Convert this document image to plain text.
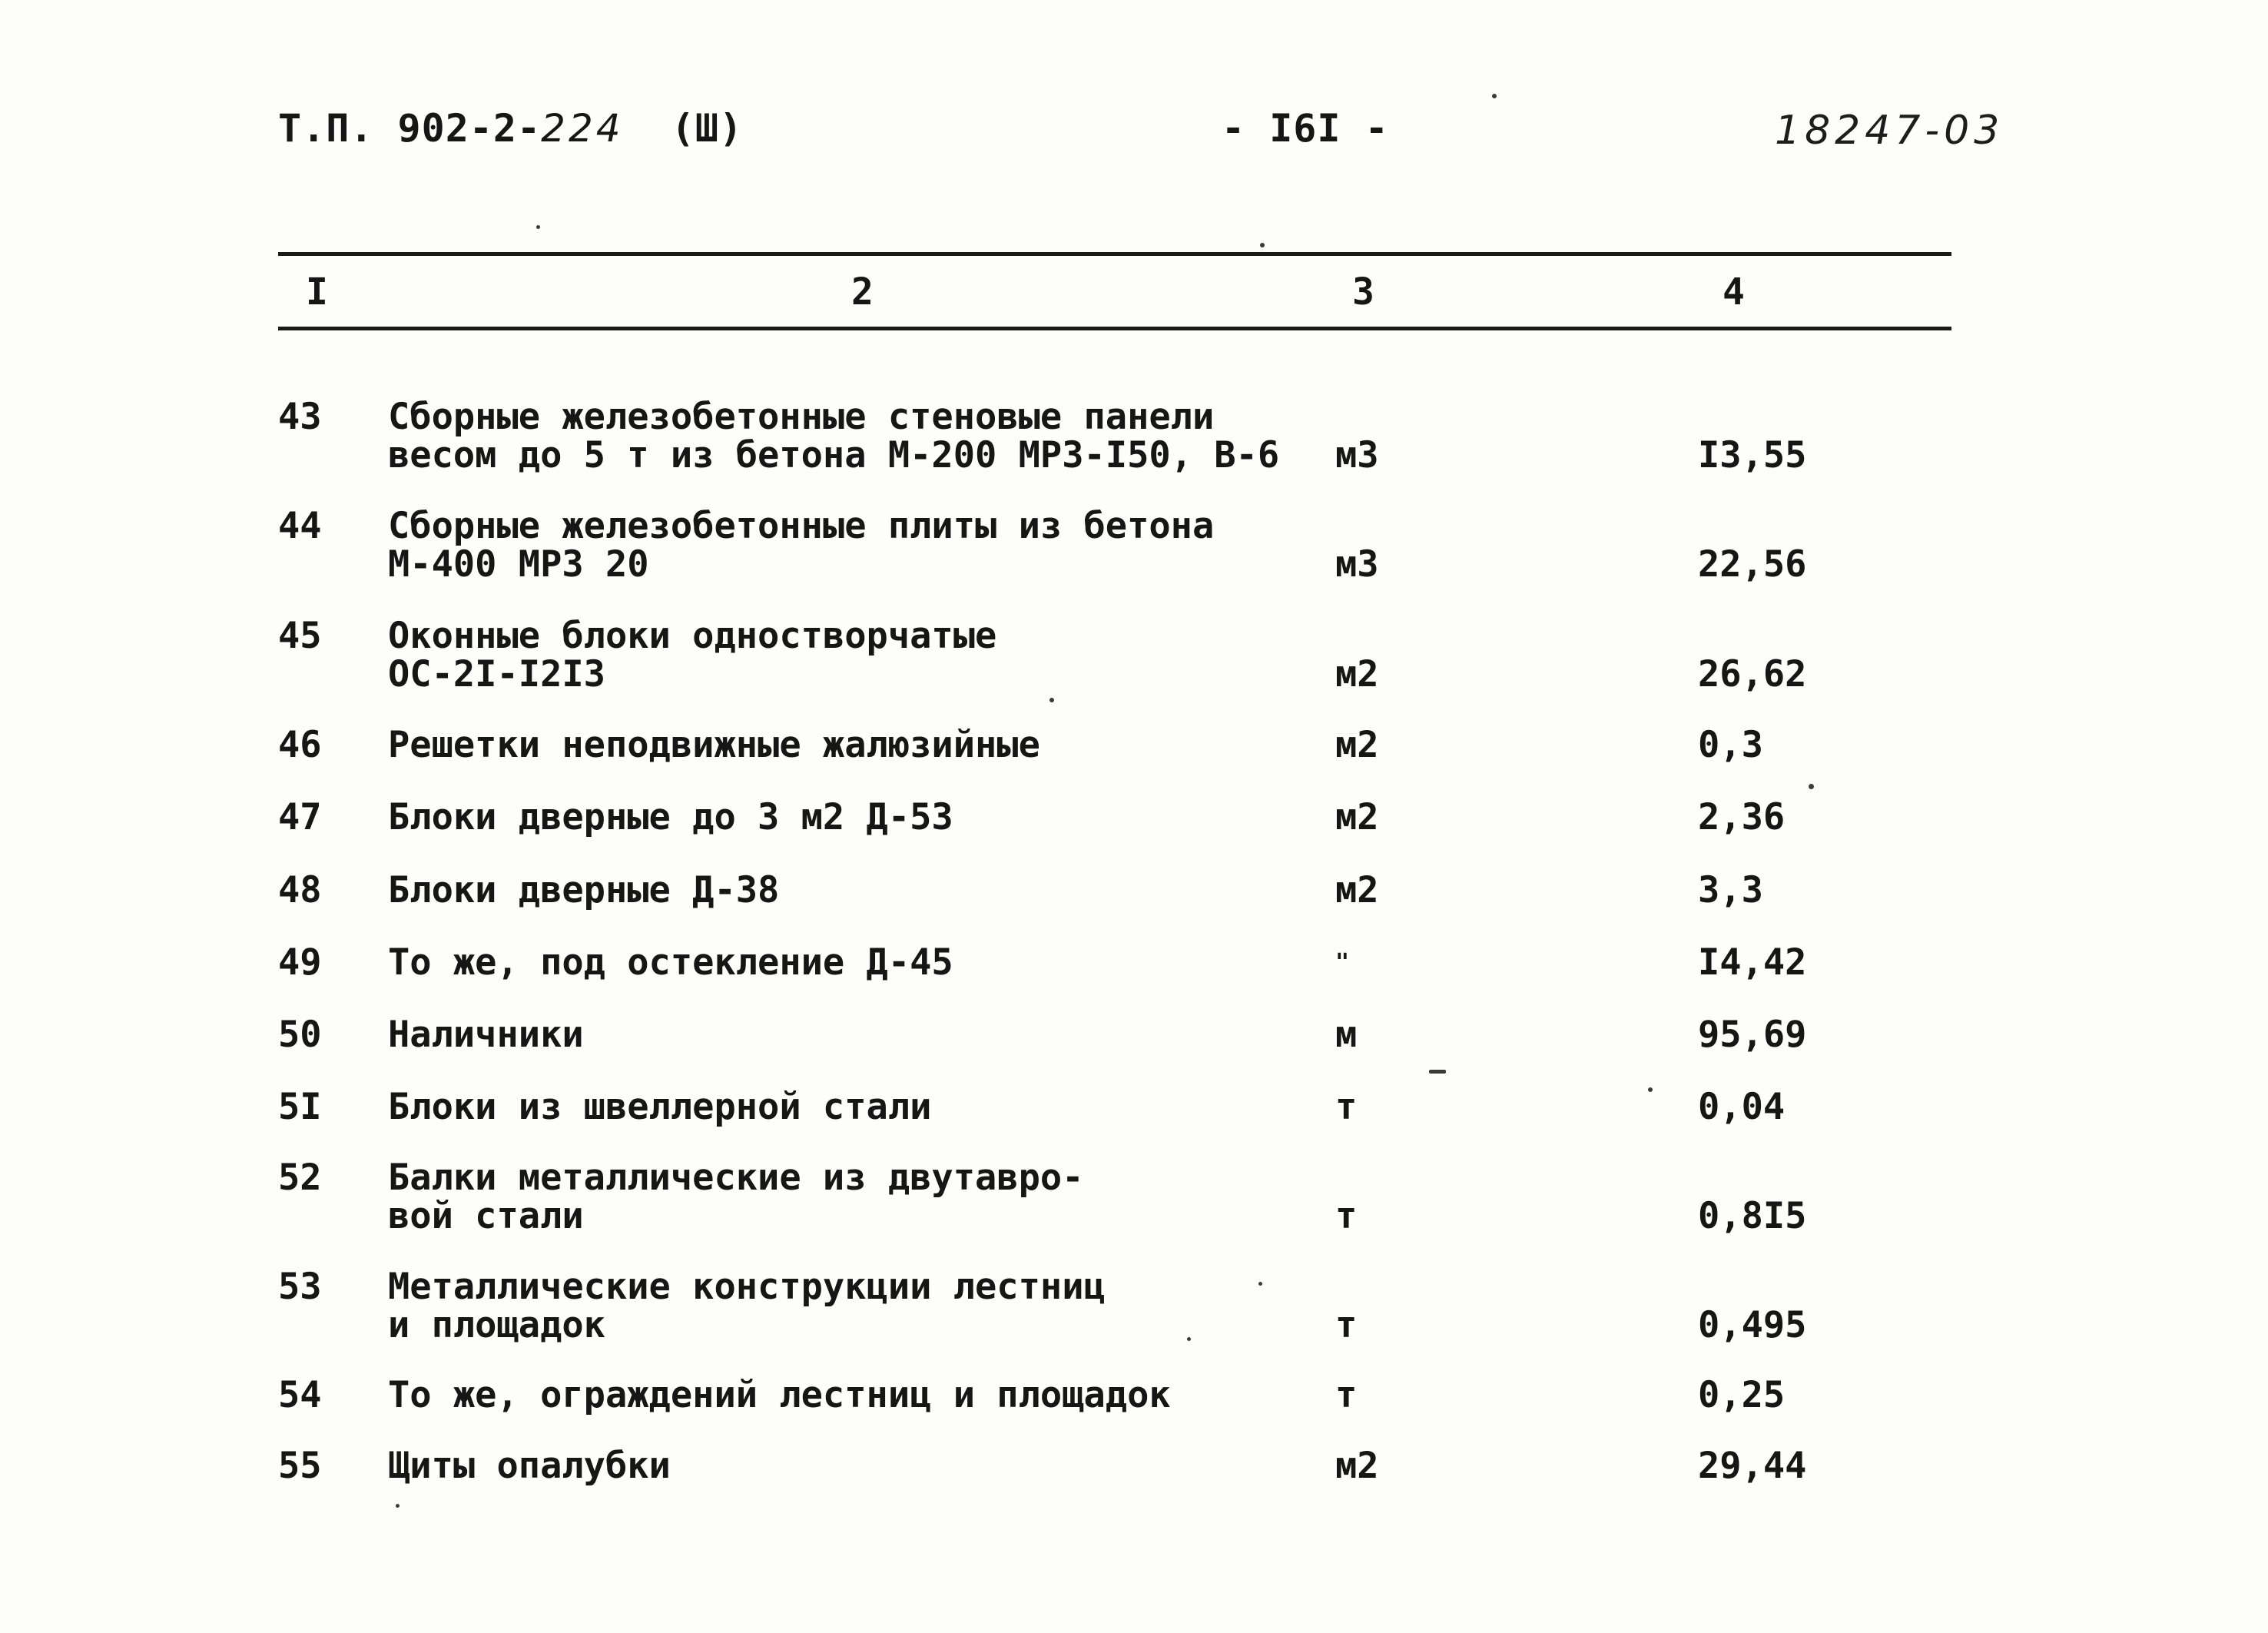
Т.П. 902-2-224 (Ш)	- I6I -	18247-03
I	2	3	4
43 Сборные железобетонные стеновые панели
весом до 5 т из бетона М-200 МРЗ-I50, В-6 м3	I3,55
44 Сборные железобетонные плиты из бетона
М-400 МРЗ 20	м3	22,56
45 Оконные блоки одностворчатые
ОС-2I-I2I3	м2	26,62
46 Решетки неподвижные жалюзийные	м2	0,3
47 Блоки дверные до 3 м2 Д-53	м2	2,36
48 Блоки дверные Д-38	м2	3,3
49 То же, под остекление Д-45	"	I4,42
50 Наличники	м	95,69
5I Блоки из швеллерной стали	т	0,04
52 Балки металлические из двутавро-
вой стали	т	0,8I5
53 Металлические конструкции лестниц
и площадок	т	0,495
54 То же, ограждений лестниц и площадок	т	0,25
55 Щиты опалубки	м2	29,44
